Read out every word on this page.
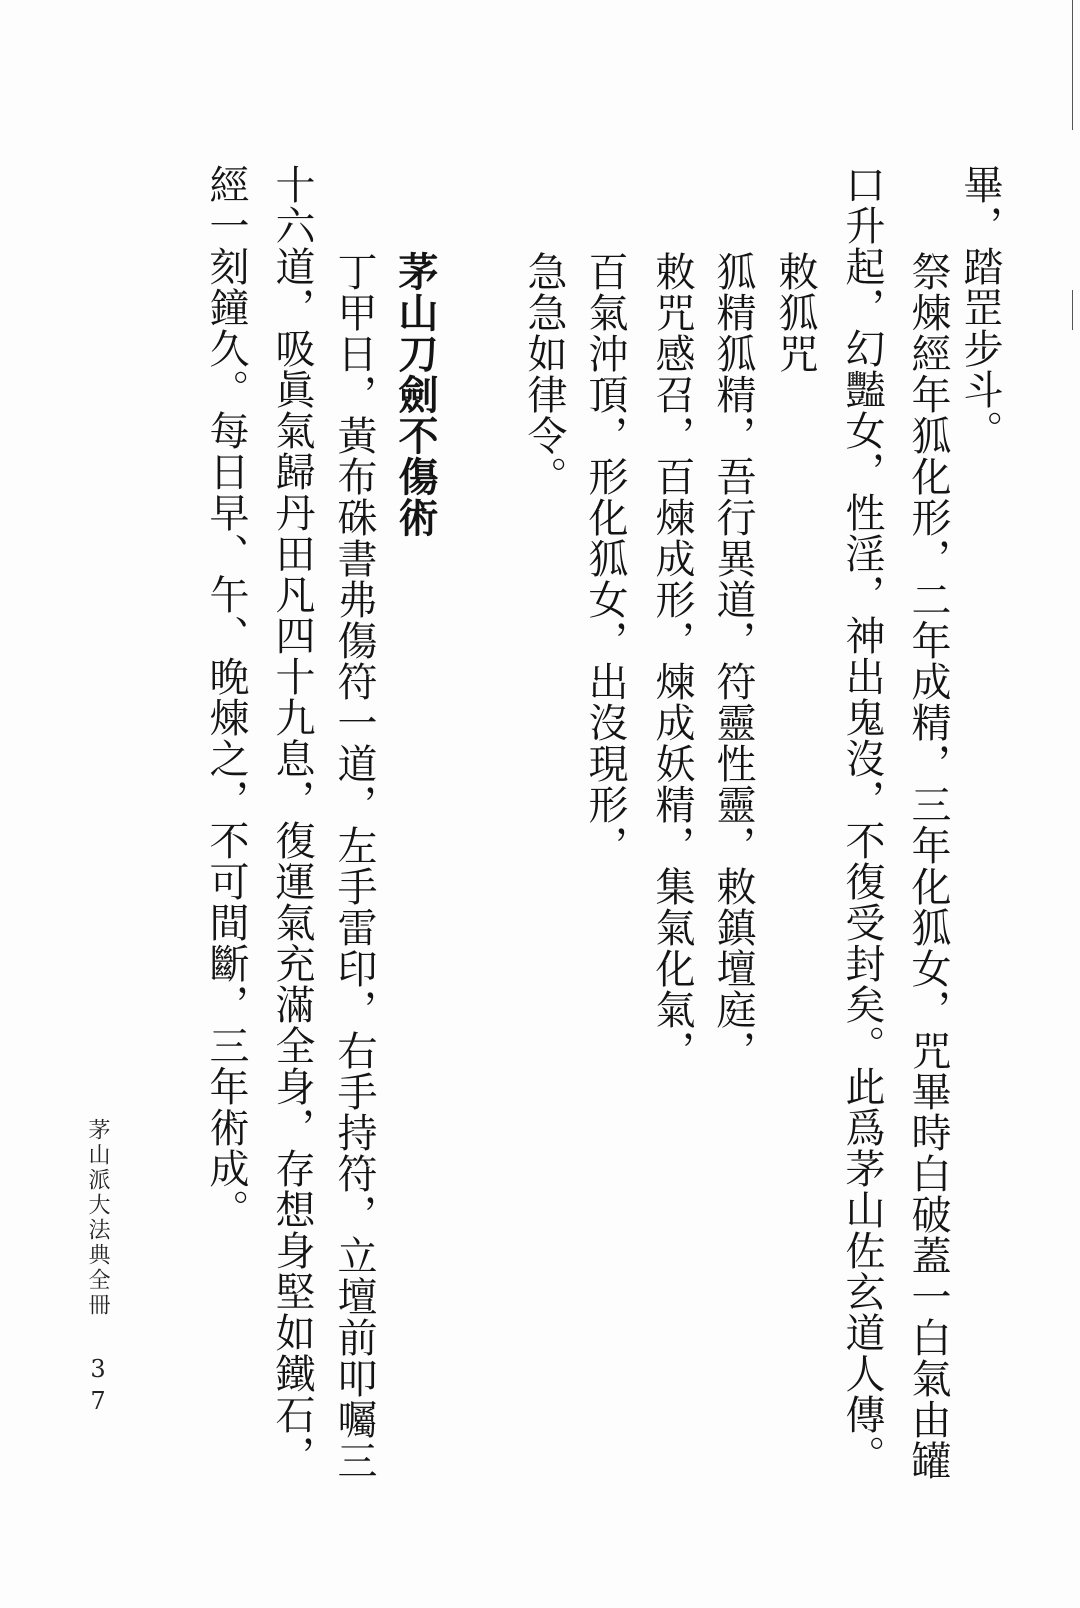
畢，踏罡步斗。
祭煉經年狐化形，二年成精，三年化狐女，咒畢時白破蓋一白氣由罐
口升起，幻豔女，性淫，神出鬼沒，不復受封矣。此爲茅山佐玄道人傳。
敕狐咒
狐精狐精，吾行異道，符靈性靈，敕鎮壇庭，
敕咒感召，百煉成形，煉成妖精，集氣化氣，
百氣沖頂，形化狐女，出沒現形，
急急如律令。
茅山刀劍不傷術
丁甲日，黃布硃書弗傷符一道，左手雷印，右手持符，立壇前叩囑三
十六道，吸眞氣歸丹田凡四十九息，復運氣充滿全身，存想身堅如鐵石，
經一刻鐘久。每日早、午、晚煉之，不可間斷，三年術成。
茅山派大法典全冊
37
